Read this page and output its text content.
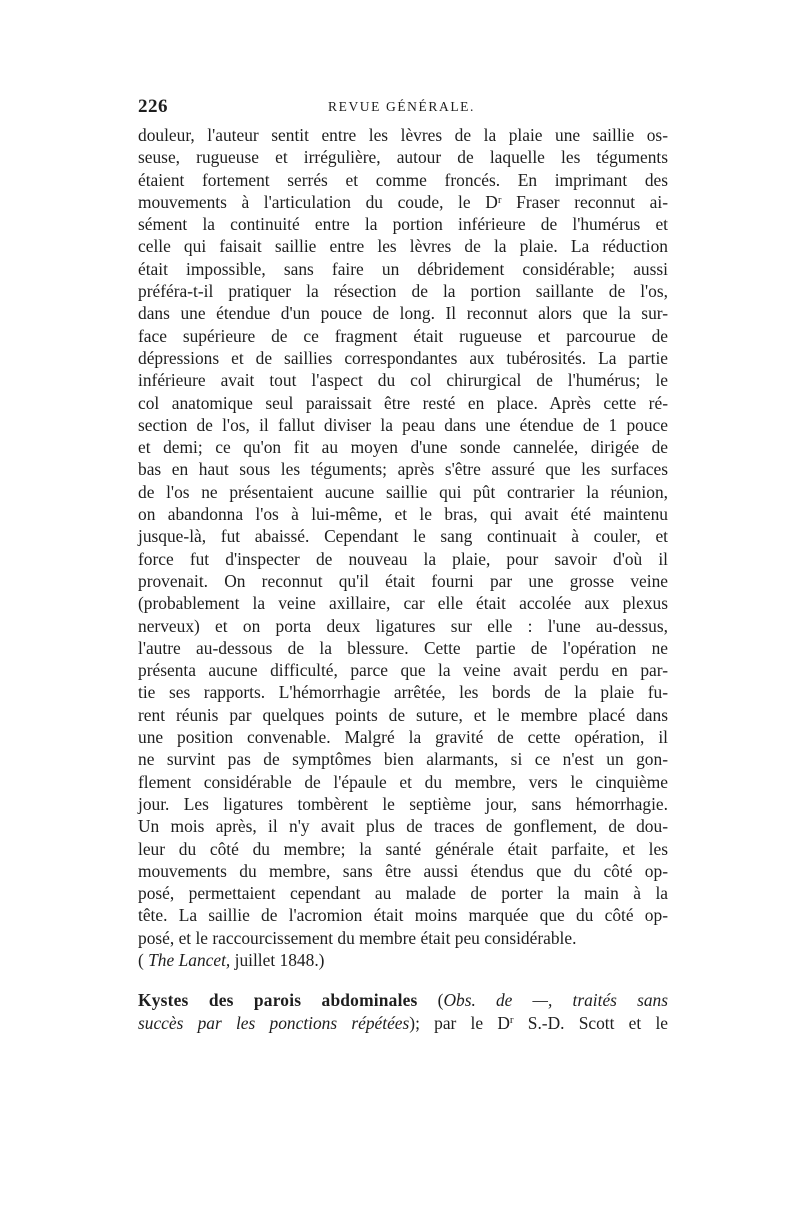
226	REVUE GÉNÉRALE.
douleur, l'auteur sentit entre les lèvres de la plaie une saillie os-
seuse, rugueuse et irrégulière, autour de laquelle les téguments
étaient fortement serrés et comme froncés. En imprimant des
mouvements à l'articulation du coude, le Dʳ Fraser reconnut ai-
sément la continuité entre la portion inférieure de l'humérus et
celle qui faisait saillie entre les lèvres de la plaie. La réduction
était impossible, sans faire un débridement considérable; aussi
préféra-t-il pratiquer la résection de la portion saillante de l'os,
dans une étendue d'un pouce de long. Il reconnut alors que la sur-
face supérieure de ce fragment était rugueuse et parcourue de
dépressions et de saillies correspondantes aux tubérosités. La partie
inférieure avait tout l'aspect du col chirurgical de l'humérus; le
col anatomique seul paraissait être resté en place. Après cette ré-
section de l'os, il fallut diviser la peau dans une étendue de 1 pouce
et demi; ce qu'on fit au moyen d'une sonde cannelée, dirigée de
bas en haut sous les téguments; après s'être assuré que les surfaces
de l'os ne présentaient aucune saillie qui pût contrarier la réunion,
on abandonna l'os à lui-même, et le bras, qui avait été maintenu
jusque-là, fut abaissé. Cependant le sang continuait à couler, et
force fut d'inspecter de nouveau la plaie, pour savoir d'où il
provenait. On reconnut qu'il était fourni par une grosse veine
(probablement la veine axillaire, car elle était accolée aux plexus
nerveux) et on porta deux ligatures sur elle : l'une au-dessus,
l'autre au-dessous de la blessure. Cette partie de l'opération ne
présenta aucune difficulté, parce que la veine avait perdu en par-
tie ses rapports. L'hémorrhagie arrêtée, les bords de la plaie fu-
rent réunis par quelques points de suture, et le membre placé dans
une position convenable. Malgré la gravité de cette opération, il
ne survint pas de symptômes bien alarmants, si ce n'est un gon-
flement considérable de l'épaule et du membre, vers le cinquième
jour. Les ligatures tombèrent le septième jour, sans hémorrhagie.
Un mois après, il n'y avait plus de traces de gonflement, de dou-
leur du côté du membre; la santé générale était parfaite, et les
mouvements du membre, sans être aussi étendus que du côté op-
posé, permettaient cependant au malade de porter la main à la
tête. La saillie de l'acromion était moins marquée que du côté op-
posé, et le raccourcissement du membre était peu considérable.
( The Lancet, juillet 1848.)
Kystes des parois abdominales (Obs. de —, traités sans
succès par les ponctions répétées); par le $D^r$ S.-D. Scott et le
